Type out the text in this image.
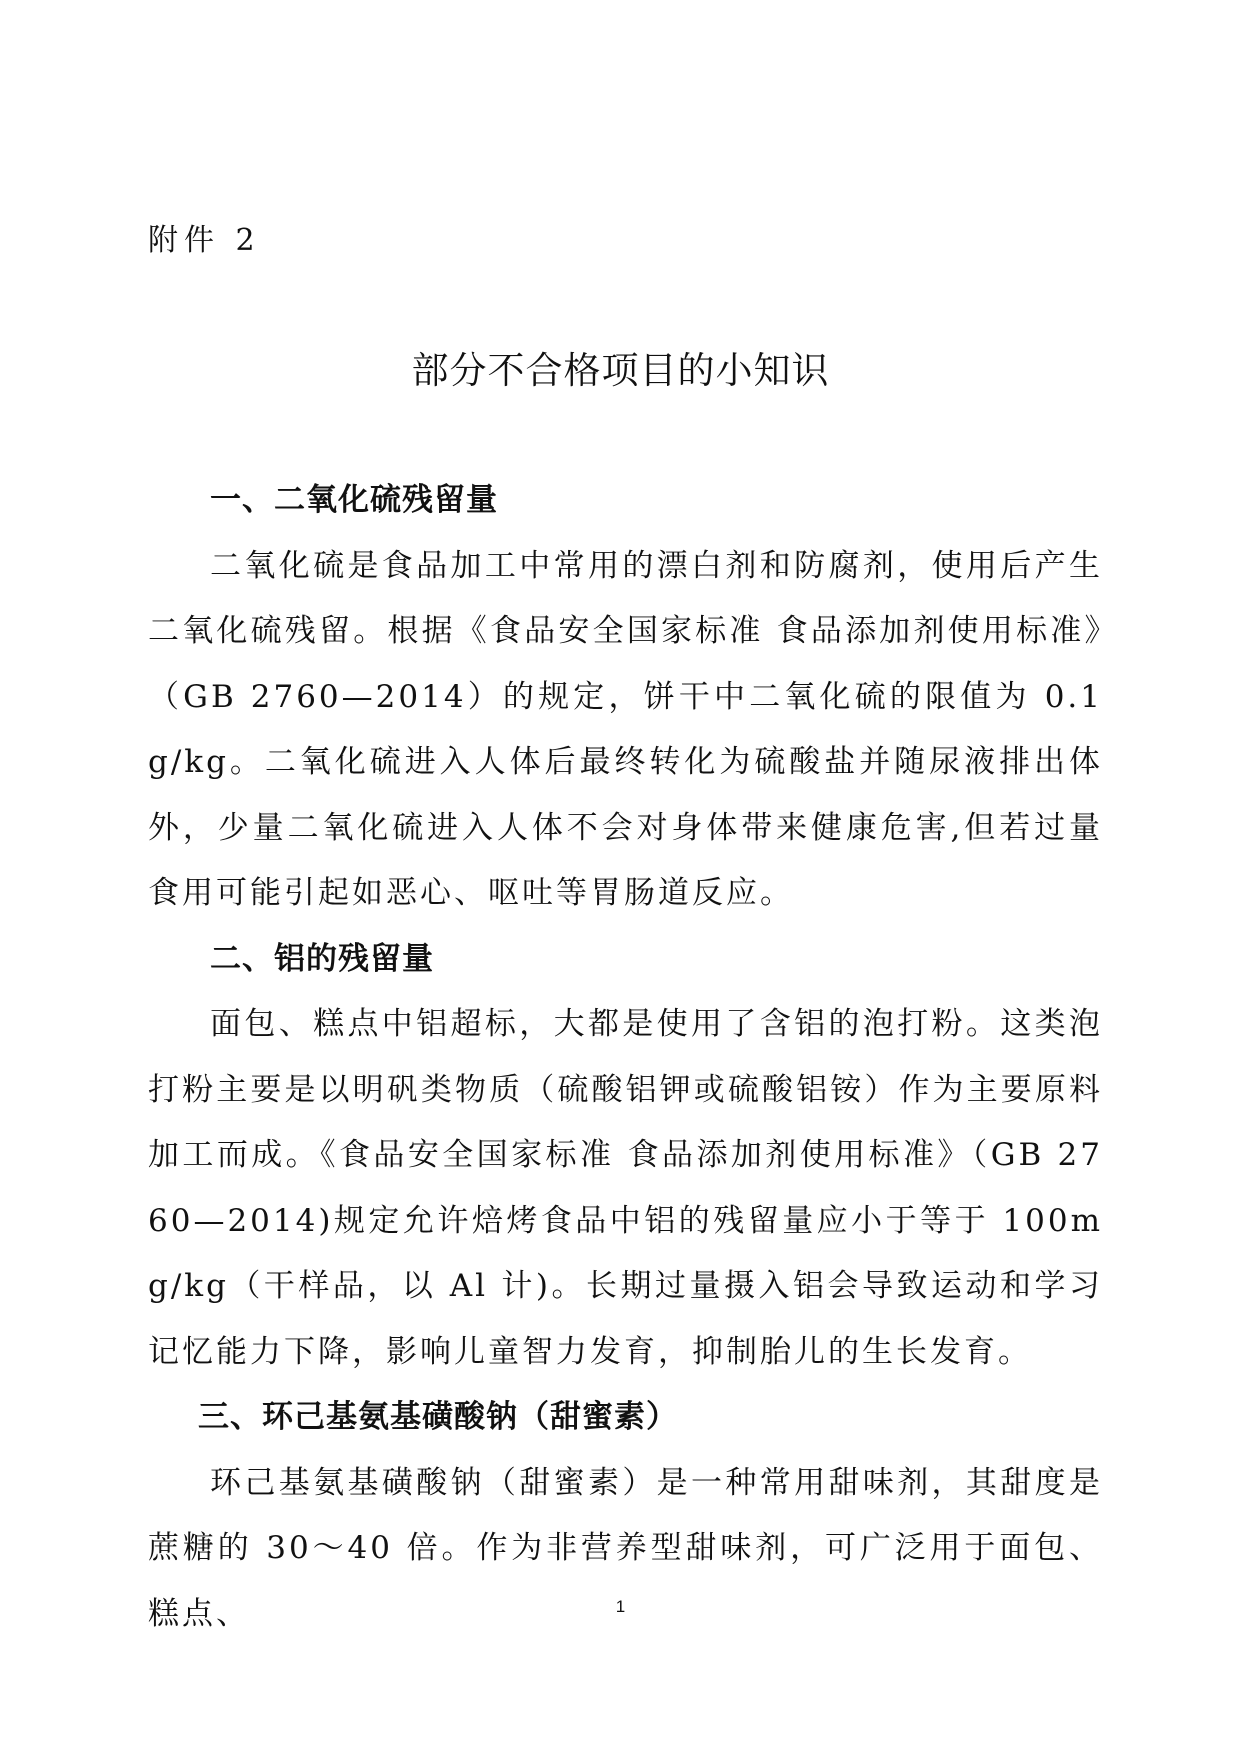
附件 2
部分不合格项目的小知识

一、二氧化硫残留量

二氧化硫是食品加工中常用的漂白剂和防腐剂，使用后产生二氧化硫残留。根据《食品安全国家标准 食品添加剂使用标准》（GB 2760—2014）的规定，饼干中二氧化硫的限值为 0.1g/kg。二氧化硫进入人体后最终转化为硫酸盐并随尿液排出体外，少量二氧化硫进入人体不会对身体带来健康危害,但若过量食用可能引起如恶心、呕吐等胃肠道反应。

二、铝的残留量

面包、糕点中铝超标，大都是使用了含铝的泡打粉。这类泡打粉主要是以明矾类物质（硫酸铝钾或硫酸铝铵）作为主要原料加工而成。《食品安全国家标准 食品添加剂使用标准》（GB 2760—2014)规定允许焙烤食品中铝的残留量应小于等于 100mg/kg（干样品，以 Al 计)。长期过量摄入铝会导致运动和学习记忆能力下降，影响儿童智力发育，抑制胎儿的生长发育。

三、环己基氨基磺酸钠（甜蜜素）

环己基氨基磺酸钠（甜蜜素）是一种常用甜味剂，其甜度是蔗糖的 30～40 倍。作为非营养型甜味剂，可广泛用于面包、糕点、	1
